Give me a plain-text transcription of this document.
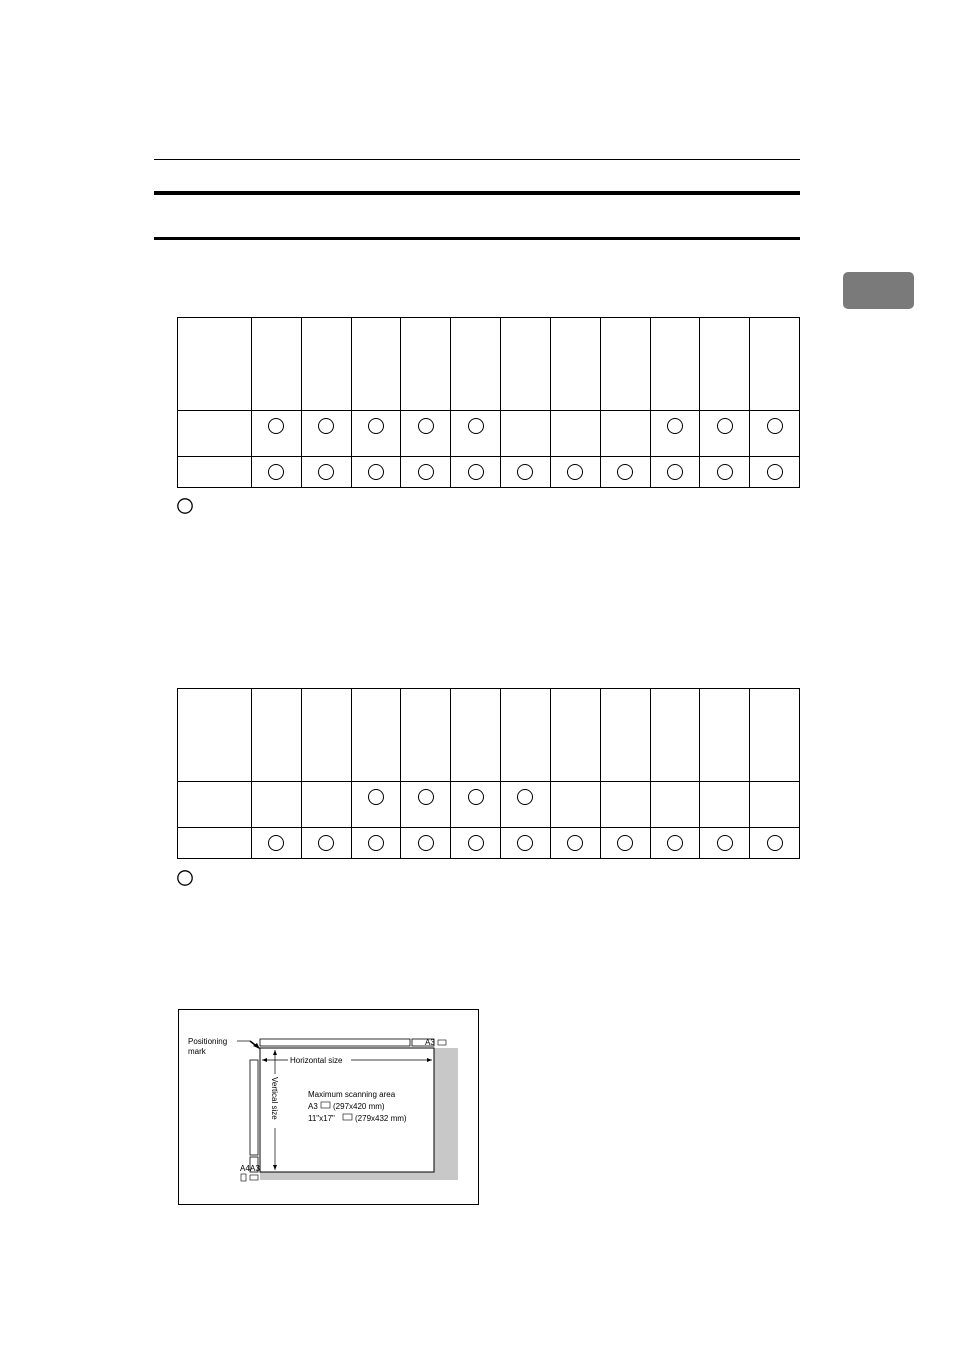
Positioning
mark
A3
Horizontal size
Vertical size	Maximum scanning area
A3 (297x420 mm)
11"x17"	(279x432 mm)
A4 A3
